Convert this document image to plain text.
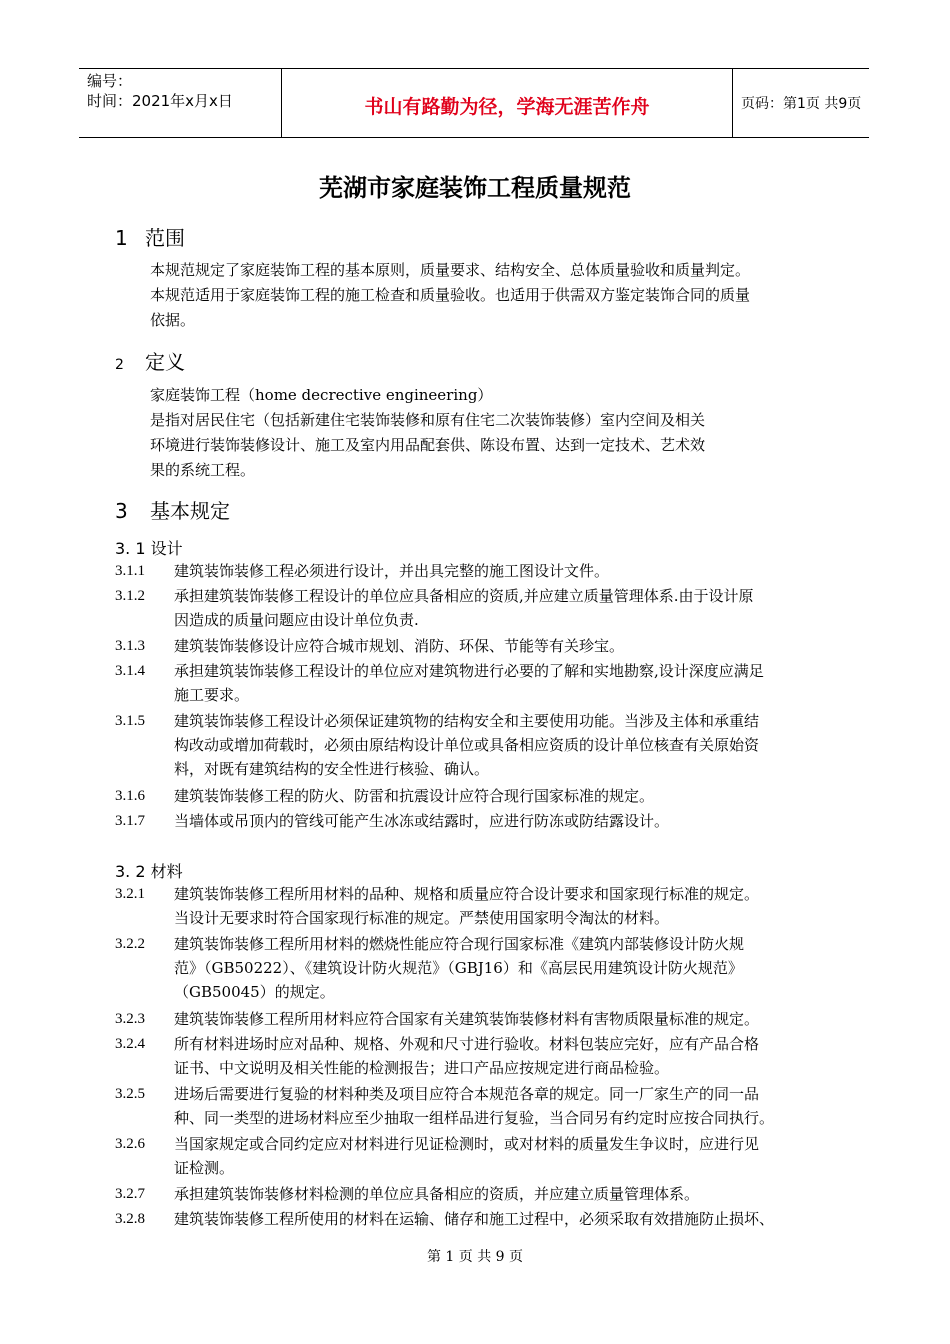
编号：
时间：2021年x月x日	书山有路勤为径，学海无涯苦作舟	页码：第1页 共9页
芜湖市家庭装饰工程质量规范
1 范围
本规范规定了家庭装饰工程的基本原则，质量要求、结构安全、总体质量验收和质量判定。
本规范适用于家庭装饰工程的施工检查和质量验收。也适用于供需双方鉴定装饰合同的质量
依据。
2 定义
家庭装饰工程（home decrective engineering）
是指对居民住宅（包括新建住宅装饰装修和原有住宅二次装饰装修）室内空间及相关
环境进行装饰装修设计、施工及室内用品配套供、陈设布置、达到一定技术、艺术效
果的系统工程。
3 基本规定
3. 1 设计
3.1.1 建筑装饰装修工程必须进行设计，并出具完整的施工图设计文件。
3.1.2 承担建筑装饰装修工程设计的单位应具备相应的资质,并应建立质量管理体系.由于设计原
因造成的质量问题应由设计单位负责.
3.1.3 建筑装饰装修设计应符合城市规划、消防、环保、节能等有关珍宝。
3.1.4 承担建筑装饰装修工程设计的单位应对建筑物进行必要的了解和实地勘察,设计深度应满足
施工要求。
3.1.5 建筑装饰装修工程设计必须保证建筑物的结构安全和主要使用功能。当涉及主体和承重结
构改动或增加荷载时，必须由原结构设计单位或具备相应资质的设计单位核查有关原始资
料，对既有建筑结构的安全性进行核验、确认。
3.1.6 建筑装饰装修工程的防火、防雷和抗震设计应符合现行国家标准的规定。
3.1.7 当墙体或吊顶内的管线可能产生冰冻或结露时，应进行防冻或防结露设计。
3. 2 材料
3.2.1 建筑装饰装修工程所用材料的品种、规格和质量应符合设计要求和国家现行标准的规定。
当设计无要求时符合国家现行标准的规定。严禁使用国家明令淘汰的材料。
3.2.2 建筑装饰装修工程所用材料的燃烧性能应符合现行国家标准《建筑内部装修设计防火规
范》（GB50222）、《建筑设计防火规范》（GBJ16）和《高层民用建筑设计防火规范》
（GB50045）的规定。
3.2.3 建筑装饰装修工程所用材料应符合国家有关建筑装饰装修材料有害物质限量标准的规定。
3.2.4 所有材料进场时应对品种、规格、外观和尺寸进行验收。材料包装应完好，应有产品合格
证书、中文说明及相关性能的检测报告；进口产品应按规定进行商品检验。
3.2.5 进场后需要进行复验的材料种类及项目应符合本规范各章的规定。同一厂家生产的同一品
种、同一类型的进场材料应至少抽取一组样品进行复验，当合同另有约定时应按合同执行。
3.2.6 当国家规定或合同约定应对材料进行见证检测时，或对材料的质量发生争议时，应进行见
证检测。
3.2.7 承担建筑装饰装修材料检测的单位应具备相应的资质，并应建立质量管理体系。
3.2.8 建筑装饰装修工程所使用的材料在运输、储存和施工过程中，必须采取有效措施防止损坏、
第 1 页 共 9 页
